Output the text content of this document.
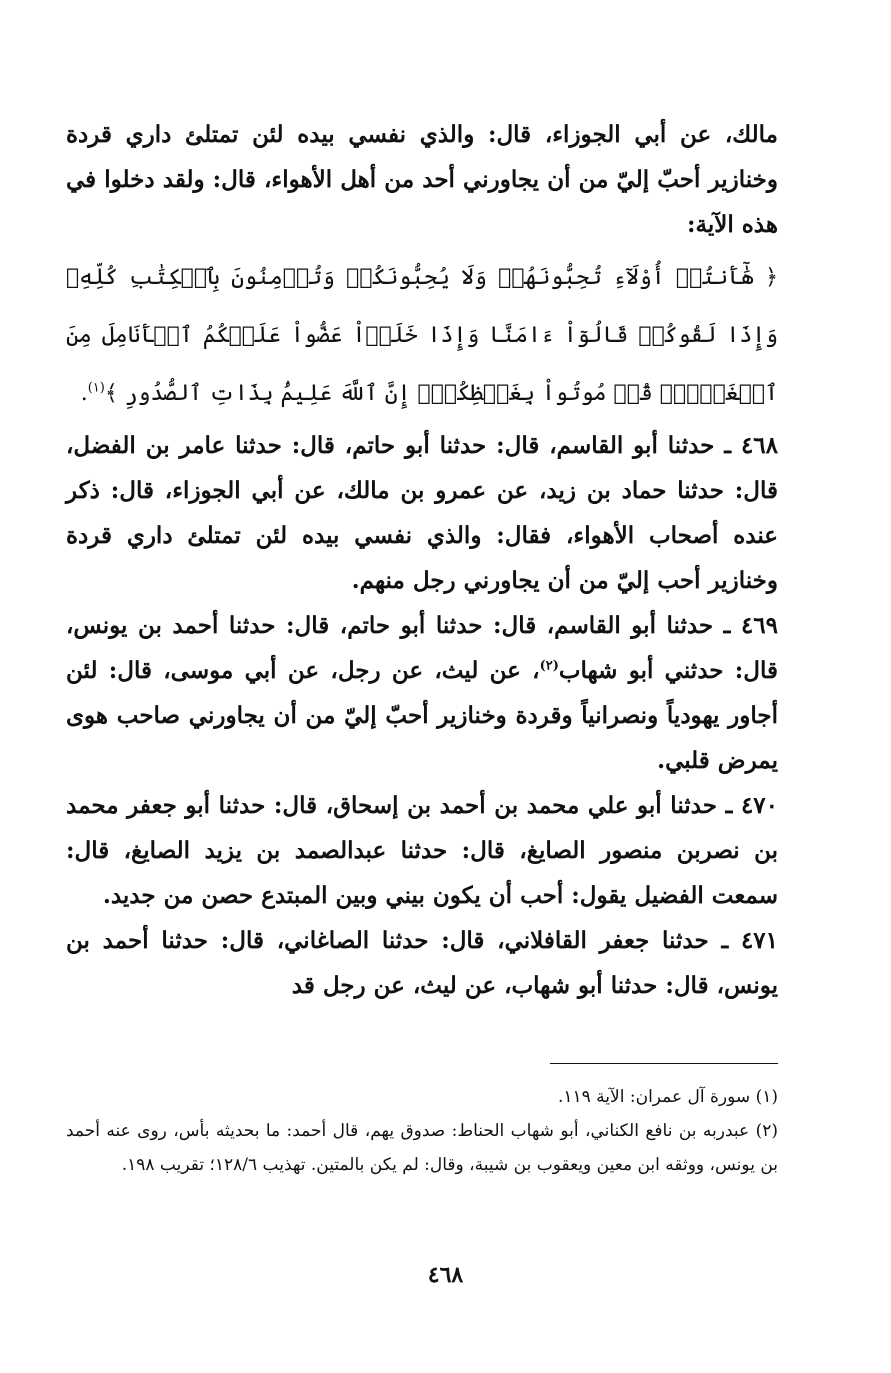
مالك، عن أبي الجوزاء، قال: والذي نفسي بيده لئن تمتلئ داري قردة وخنازير أحبّ إليّ من أن يجاورني أحد من أهل الأهواء، قال: ولقد دخلوا في هذه الآية:

﴿ هَٰٓأَنتُمۡ أُوْلَآءِ تُحِبُّونَهُمۡ وَلَا يُحِبُّونَكُمۡ وَتُؤۡمِنُونَ بِٱلۡكِتَٰبِ كُلِّهِۦ وَإِذَا لَقُوكُمۡ قَالُوٓاْ ءَامَنَّا وَإِذَا خَلَوۡاْ عَضُّواْ عَلَيۡكُمُ ٱلۡأَنَامِلَ مِنَ ٱلۡغَيۡظِۚ قُلۡ مُوتُواْ بِغَيۡظِكُمۡۗ إِنَّ ٱللَّهَ عَلِيمُۢ بِذَاتِ ٱلصُّدُورِ ﴾$^{(١)}$.

٤٦٨ ـ حدثنا أبو القاسم، قال: حدثنا أبو حاتم، قال: حدثنا عامر بن الفضل، قال: حدثنا حماد بن زيد، عن عمرو بن مالك، عن أبي الجوزاء، قال: ذكر عنده أصحاب الأهواء، فقال: والذي نفسي بيده لئن تمتلئ داري قردة وخنازير أحب إليّ من أن يجاورني رجل منهم.

٤٦٩ ـ حدثنا أبو القاسم، قال: حدثنا أبو حاتم، قال: حدثنا أحمد بن يونس، قال: حدثني أبو شهاب$^{(٢)}$، عن ليث، عن رجل، عن أبي موسى، قال: لئن أجاور يهودياً ونصرانياً وقردة وخنازير أحبّ إليّ من أن يجاورني صاحب هوى يمرض قلبي.

٤٧٠ ـ حدثنا أبو علي محمد بن أحمد بن إسحاق، قال: حدثنا أبو جعفر محمد بن نصربن منصور الصايغ، قال: حدثنا عبدالصمد بن يزيد الصايغ، قال: سمعت الفضيل يقول: أحب أن يكون بيني وبين المبتدع حصن من جديد.

٤٧١ ـ حدثنا جعفر القافلاني، قال: حدثنا الصاغاني، قال: حدثنا أحمد بن يونس، قال: حدثنا أبو شهاب، عن ليث، عن رجل قد

(١) سورة آل عمران: الآية ١١٩.

(٢) عبدربه بن نافع الكناني، أبو شهاب الحناط: صدوق يهم، قال أحمد: ما بحديثه بأس، روى عنه أحمد بن يونس، ووثقه ابن معين ويعقوب بن شيبة، وقال: لم يكن بالمتين. تهذيب ١٢٨/٦؛ تقريب ١٩٨.

٤٦٨
